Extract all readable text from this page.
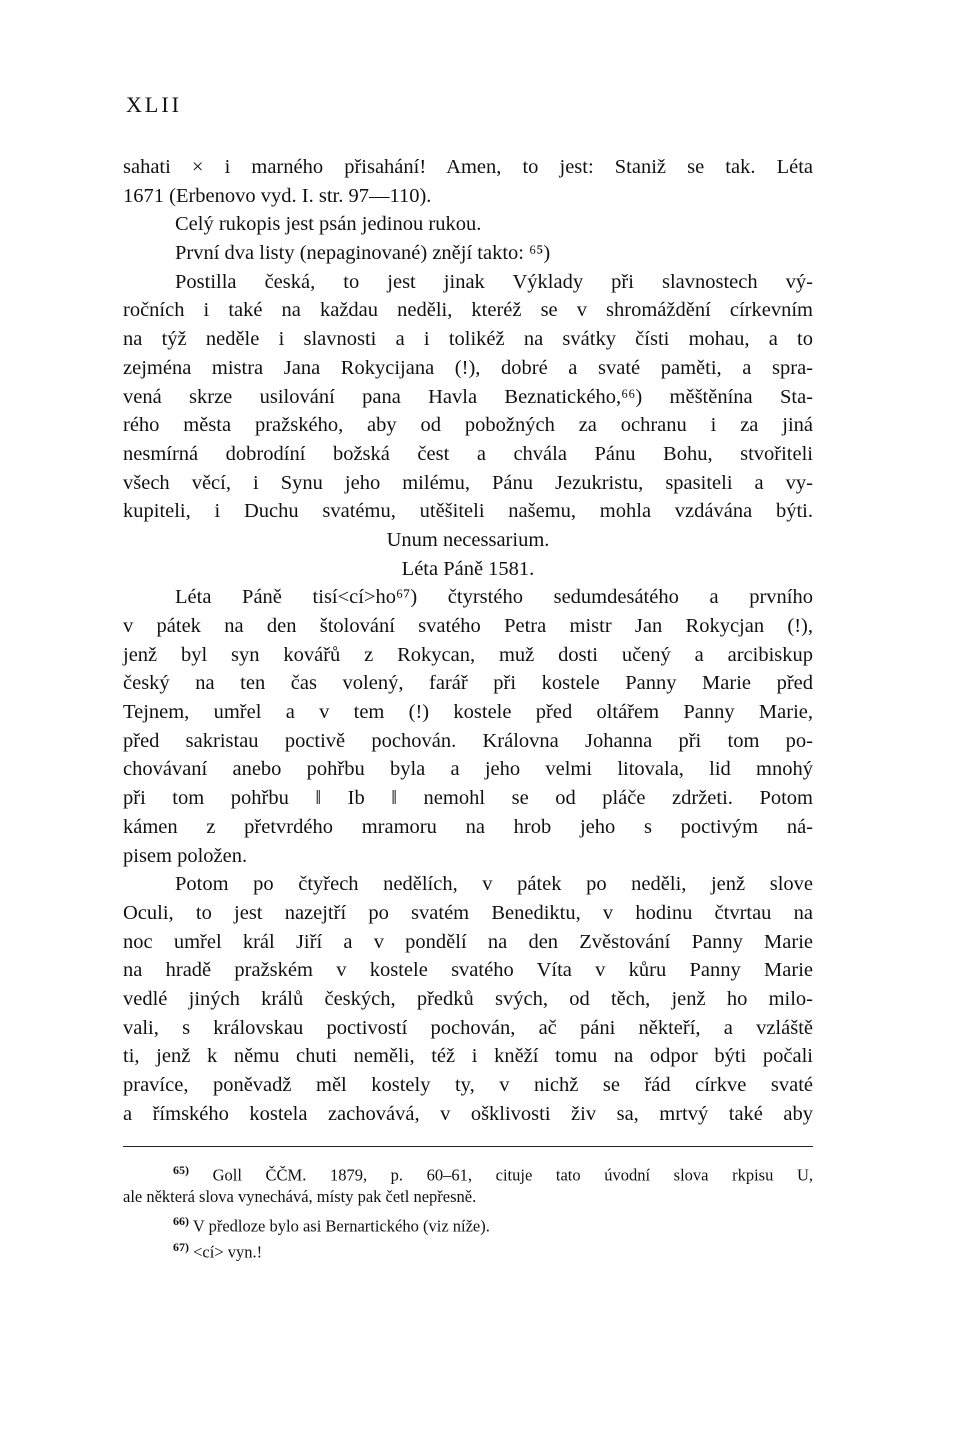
XLII
sahati × i marného přisahání! Amen, to jest: Staniž se tak. Léta
1671 (Erbenovo vyd. I. str. 97—110).
Celý rukopis jest psán jedinou rukou.
První dva listy (nepaginované) znějí takto: ⁶⁵)
Postilla česká, to jest jinak Výklady při slavnostech vý-
ročních i také na každau neděli, kteréž se v shromáždění církevním
na týž neděle i slavnosti a i tolikéž na svátky čísti mohau, a to
zejména mistra Jana Rokycijana (!), dobré a svaté paměti, a spra-
vená skrze usilování pana Havla Beznatického,⁶⁶) měštěnína Sta-
rého města pražského, aby od pobožných za ochranu i za jiná
nesmírná dobrodíní božská čest a chvála Pánu Bohu, stvořiteli
všech věcí, i Synu jeho milému, Pánu Jezukristu, spasiteli a vy-
kupiteli, i Duchu svatému, utěšiteli našemu, mohla vzdávána býti.
Unum necessarium.
Léta Páně 1581.
Léta Páně tisí<cí>ho⁶⁷) čtyrstého sedumdesátého a prvního
v pátek na den štolování svatého Petra mistr Jan Rokycjan (!),
jenž byl syn kovářů z Rokycan, muž dosti učený a arcibiskup
český na ten čas volený, farář při kostele Panny Marie před
Tejnem, umřel a v tem (!) kostele před oltářem Panny Marie,
před sakristau poctivě pochován. Královna Johanna při tom po-
chovávaní anebo pohřbu byla a jeho velmi litovala, lid mnohý
při tom pohřbu ‖ Ib ‖ nemohl se od pláče zdržeti. Potom
kámen z přetvrdého mramoru na hrob jeho s poctivým ná-
pisem položen.
Potom po čtyřech nedělích, v pátek po neděli, jenž slove
Oculi, to jest nazejtří po svatém Benediktu, v hodinu čtvrtau na
noc umřel král Jiří a v pondělí na den Zvěstování Panny Marie
na hradě pražském v kostele svatého Víta v kůru Panny Marie
vedlé jiných králů českých, předků svých, od těch, jenž ho milo-
vali, s královskau poctivostí pochován, ač páni někteří, a vzláště
ti, jenž k němu chuti neměli, též i kněží tomu na odpor býti počali
pravíce, poněvadž měl kostely ty, v nichž se řád církve svaté
a římského kostela zachovává, v ošklivosti živ sa, mrtvý také aby
$^{65)}$ Goll ČČM. 1879, p. 60–61, cituje tato úvodní slova rkpisu U,
ale některá slova vynechává, místy pak četl nepřesně.
$^{66)}$ V předloze bylo asi Bernartického (viz níže).
$^{67)}$ <cí> vyn.!
